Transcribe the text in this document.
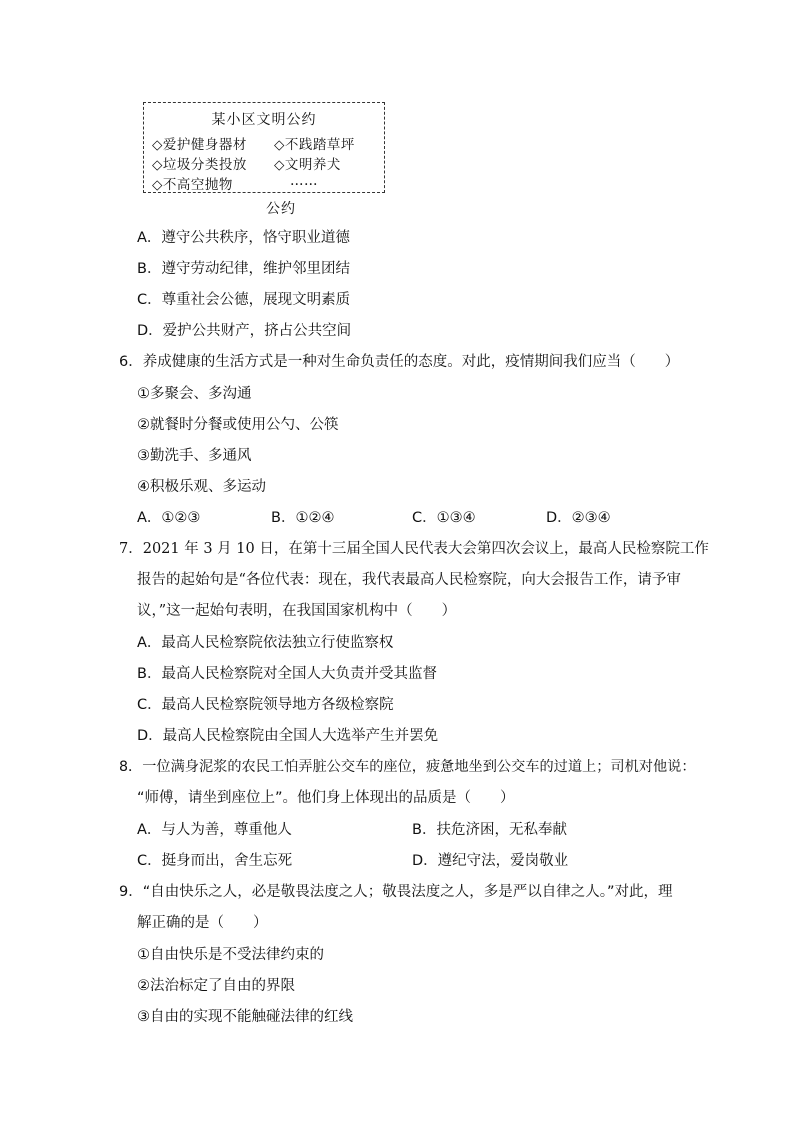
某小区文明公约
◇爱护健身器材 ◇不践踏草坪
◇垃圾分类投放 ◇文明养犬
◇不高空抛物	……
公约
A．遵守公共秩序，恪守职业道德
B．遵守劳动纪律，维护邻里团结
C．尊重社会公德，展现文明素质
D．爱护公共财产，挤占公共空间
6．养成健康的生活方式是一种对生命负责任的态度。对此，疫情期间我们应当（　　）
①多聚会、多沟通
②就餐时分餐或使用公勺、公筷
③勤洗手、多通风
④积极乐观、多运动
A．①②③	B．①②④	C．①③④	D．②③④
7．2021 年 3 月 10 日，在第十三届全国人民代表大会第四次会议上，最高人民检察院工作
报告的起始句是“各位代表：现在，我代表最高人民检察院，向大会报告工作，请予审
议，”这一起始句表明，在我国国家机构中（　　）
A．最高人民检察院依法独立行使监察权
B．最高人民检察院对全国人大负责并受其监督
C．最高人民检察院领导地方各级检察院
D．最高人民检察院由全国人大选举产生并罢免
8．一位满身泥浆的农民工怕弄脏公交车的座位，疲惫地坐到公交车的过道上；司机对他说：
“师傅，请坐到座位上”。他们身上体现出的品质是（　　）
A．与人为善，尊重他人	B．扶危济困，无私奉献
C．挺身而出，舍生忘死	D．遵纪守法，爱岗敬业
9．“自由快乐之人，必是敬畏法度之人；敬畏法度之人，多是严以自律之人。”对此，理
解正确的是（　　）
①自由快乐是不受法律约束的
②法治标定了自由的界限
③自由的实现不能触碰法律的红线
